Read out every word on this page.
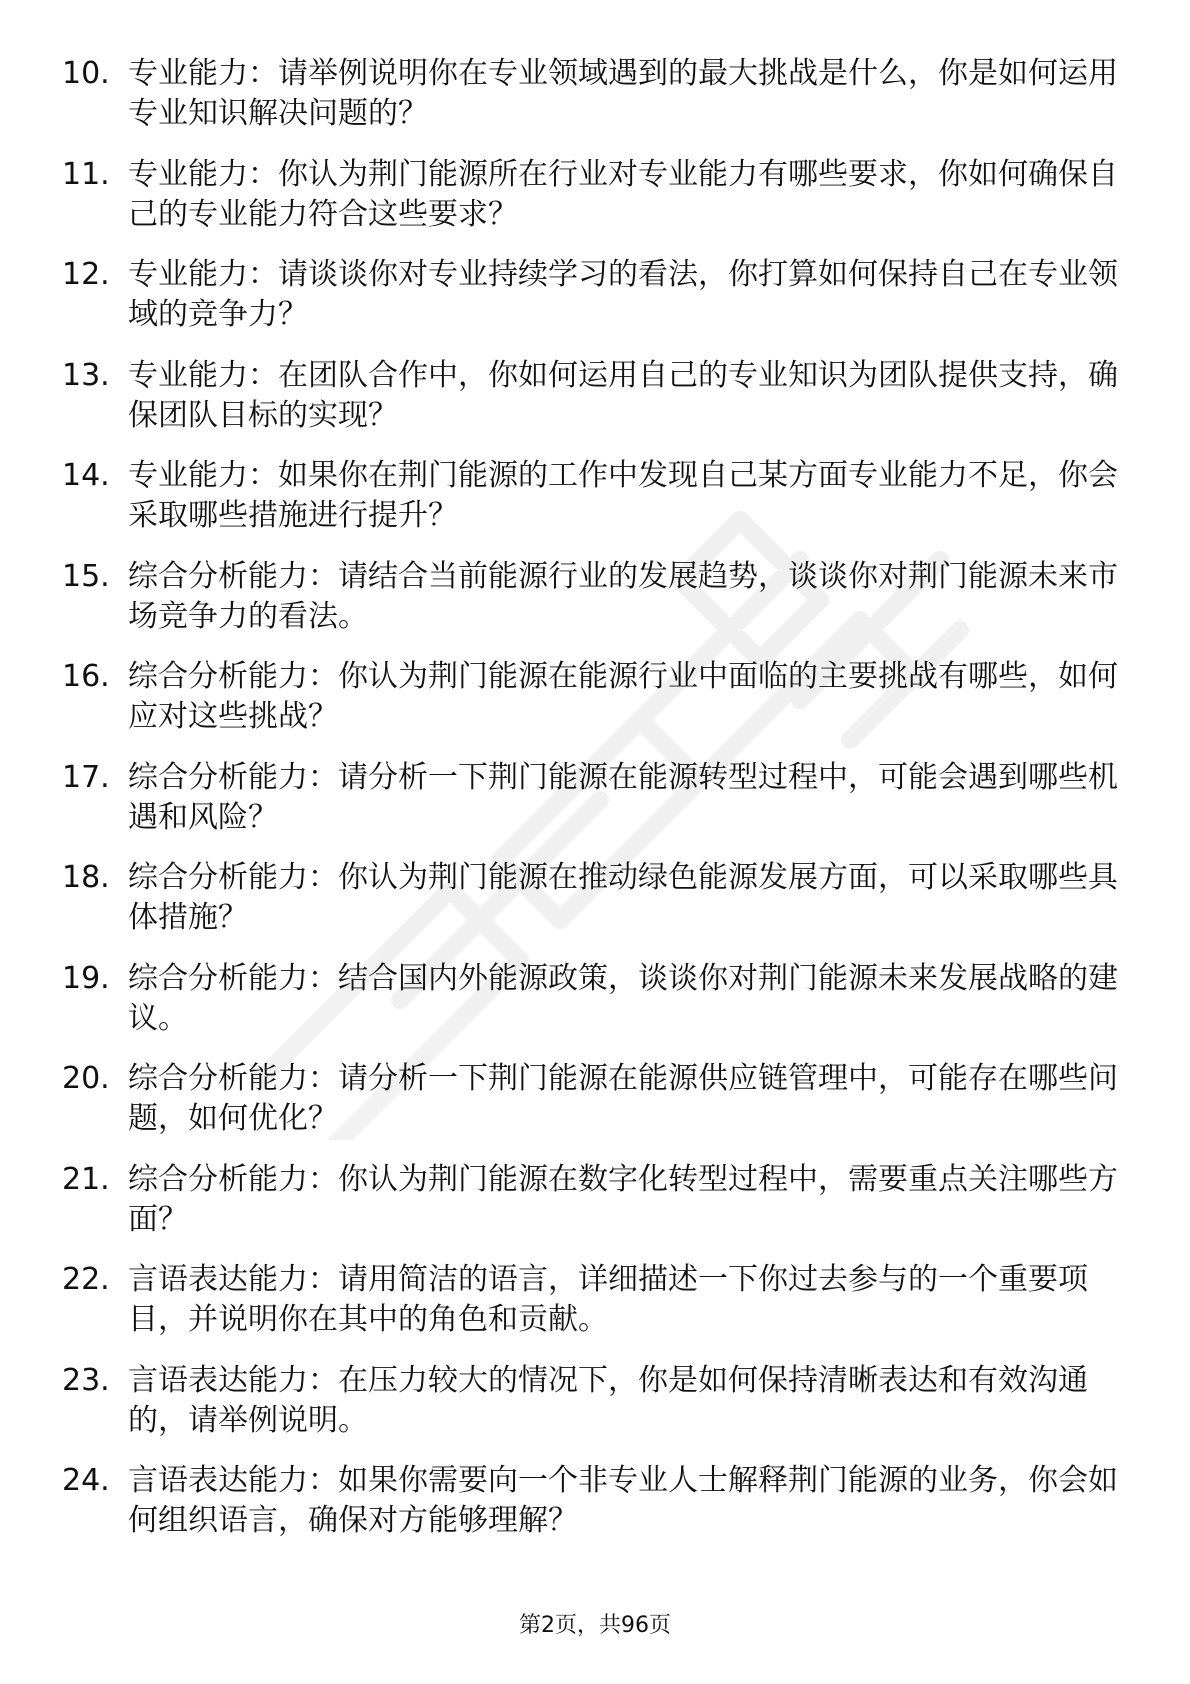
10. 专业能力：请举例说明你在专业领域遇到的最大挑战是什么，你是如何运用专业知识解决问题的？
11. 专业能力：你认为荆门能源所在行业对专业能力有哪些要求，你如何确保自己的专业能力符合这些要求？
12. 专业能力：请谈谈你对专业持续学习的看法，你打算如何保持自己在专业领域的竞争力？
13. 专业能力：在团队合作中，你如何运用自己的专业知识为团队提供支持，确保团队目标的实现？
14. 专业能力：如果你在荆门能源的工作中发现自己某方面专业能力不足，你会采取哪些措施进行提升？
15. 综合分析能力：请结合当前能源行业的发展趋势，谈谈你对荆门能源未来市场竞争力的看法。
16. 综合分析能力：你认为荆门能源在能源行业中面临的主要挑战有哪些，如何应对这些挑战？
17. 综合分析能力：请分析一下荆门能源在能源转型过程中，可能会遇到哪些机遇和风险？
18. 综合分析能力：你认为荆门能源在推动绿色能源发展方面，可以采取哪些具体措施？
19. 综合分析能力：结合国内外能源政策，谈谈你对荆门能源未来发展战略的建议。
20. 综合分析能力：请分析一下荆门能源在能源供应链管理中，可能存在哪些问题，如何优化？
21. 综合分析能力：你认为荆门能源在数字化转型过程中，需要重点关注哪些方面？
22. 言语表达能力：请用简洁的语言，详细描述一下你过去参与的一个重要项目，并说明你在其中的角色和贡献。
23. 言语表达能力：在压力较大的情况下，你是如何保持清晰表达和有效沟通的，请举例说明。
24. 言语表达能力：如果你需要向一个非专业人士解释荆门能源的业务，你会如何组织语言，确保对方能够理解？
第2页，共96页
